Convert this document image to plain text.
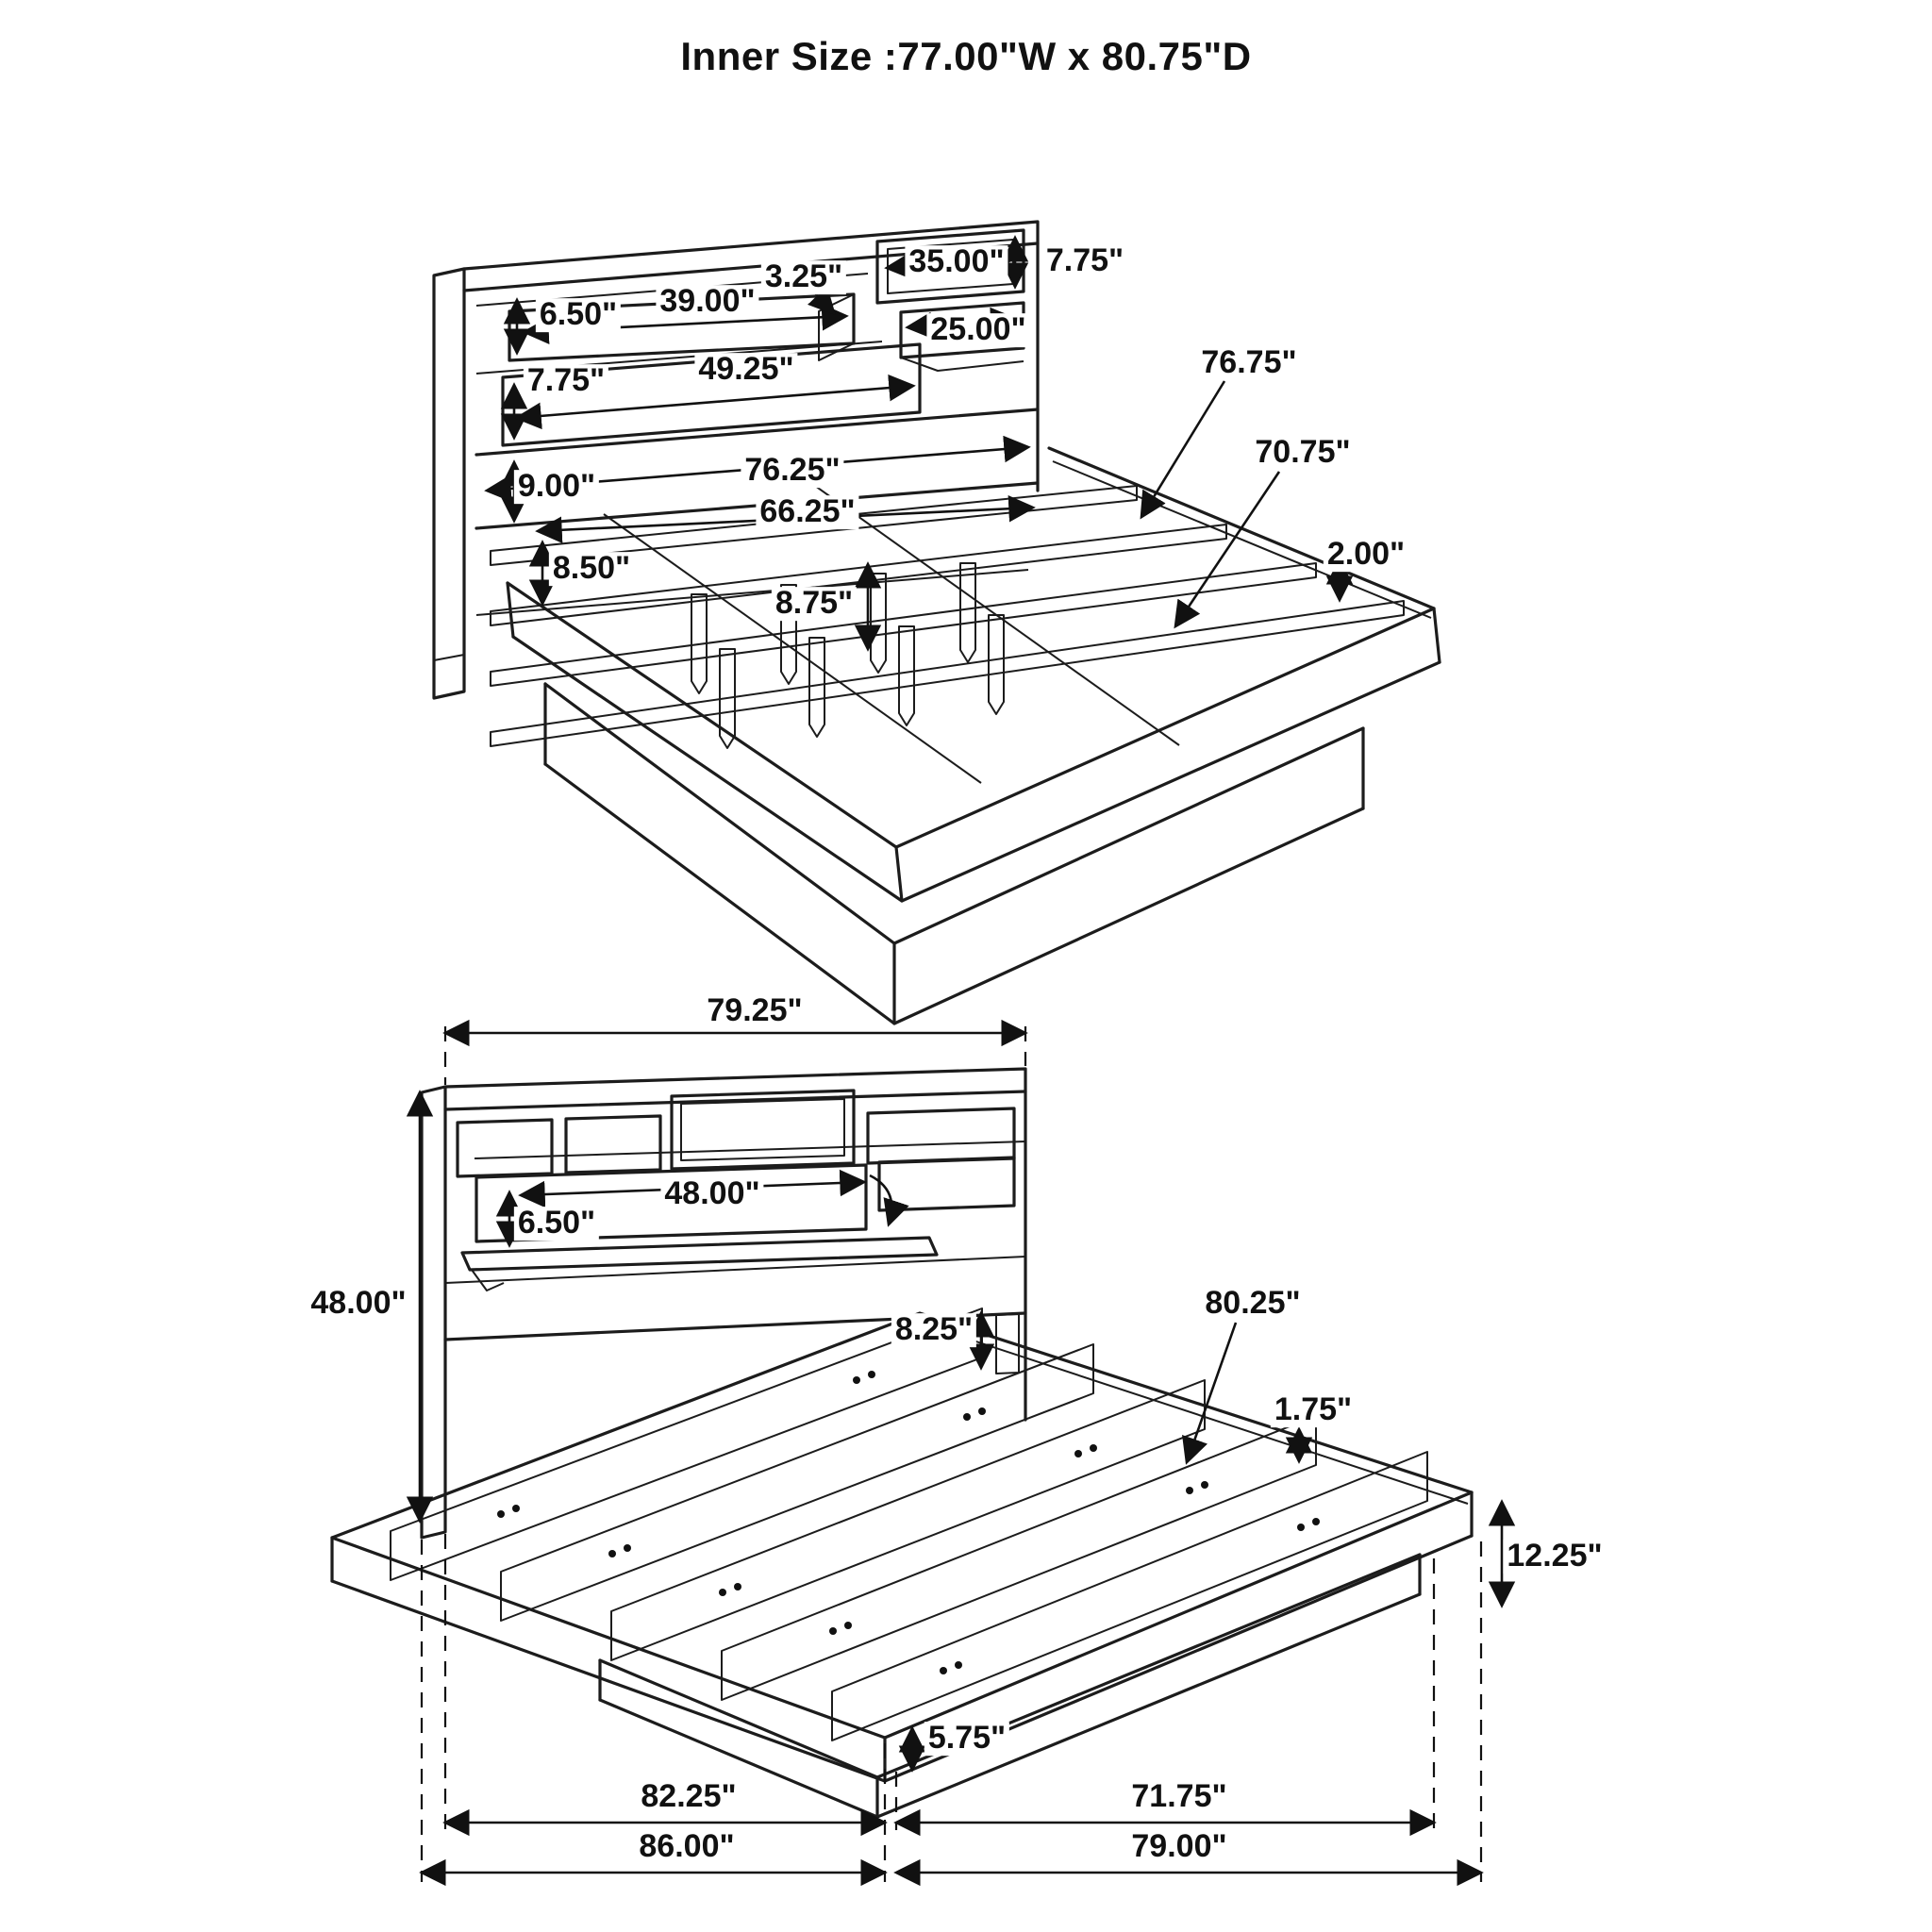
Inner Size :77.00"W x 80.75"D
6.50" 39.00"
3.25" 35.00" 7.75"
25.00"
7.75"	49.25"
9.00"	76.25"
66.25"
8.50"
8.75"
76.75"
70.75"
2.00"
79.25"
48.00"
48.00"
6.50"
8.25"
80.25"
1.75"
12.25"
5.75"
82.25"	71.75"
86.00"	79.00"
